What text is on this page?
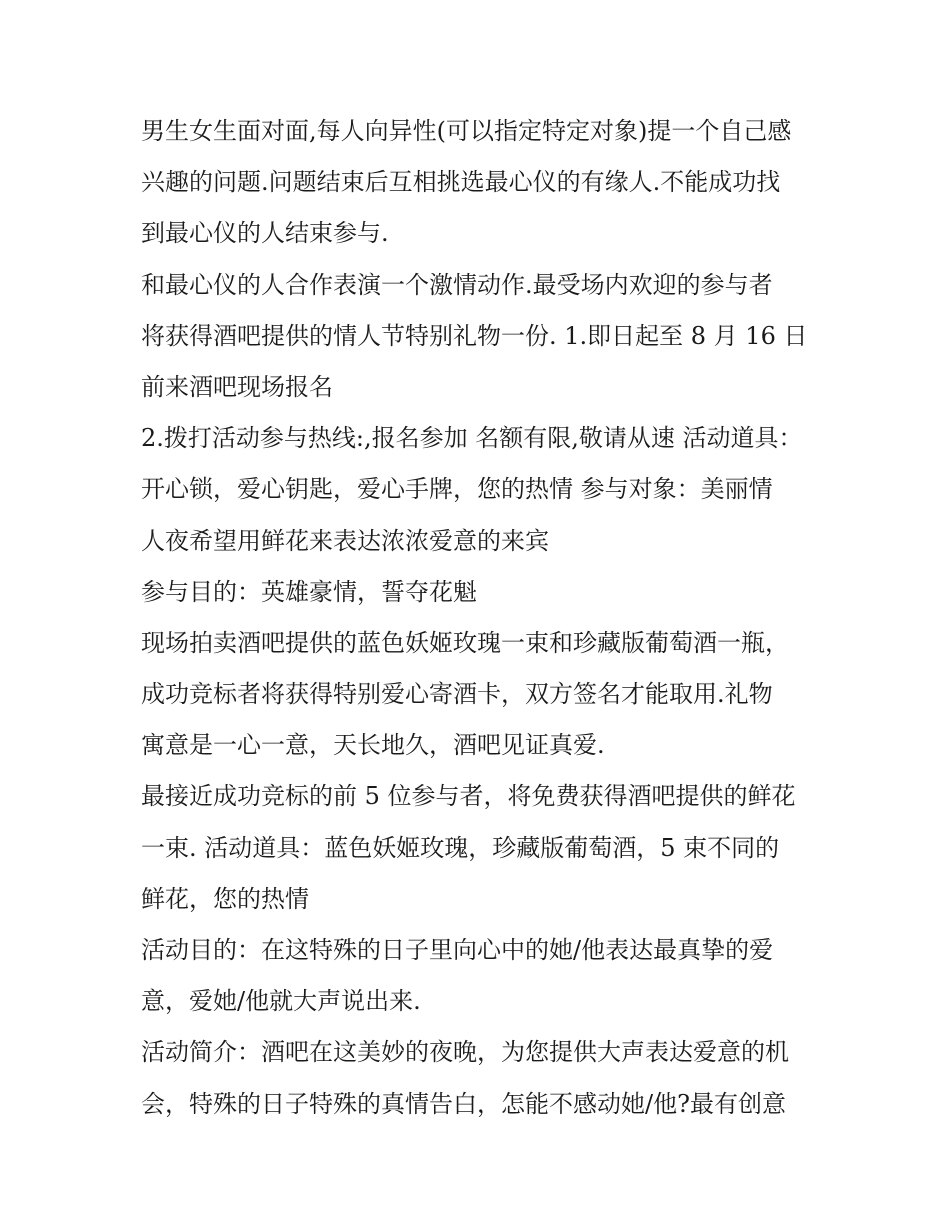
男生女生面对面,每人向异性(可以指定特定对象)提一个自己感
兴趣的问题.问题结束后互相挑选最心仪的有缘人.不能成功找
到最心仪的人结束参与.
和最心仪的人合作表演一个激情动作.最受场内欢迎的参与者
将获得酒吧提供的情人节特别礼物一份. 1.即日起至 8 月 16 日
前来酒吧现场报名
2.拨打活动参与热线:,报名参加 名额有限,敬请从速 活动道具：
开心锁，爱心钥匙，爱心手牌，您的热情 参与对象：美丽情
人夜希望用鲜花来表达浓浓爱意的来宾
参与目的：英雄豪情，誓夺花魁
现场拍卖酒吧提供的蓝色妖姬玫瑰一束和珍藏版葡萄酒一瓶，
成功竞标者将获得特别爱心寄酒卡，双方签名才能取用.礼物
寓意是一心一意，天长地久，酒吧见证真爱.
最接近成功竞标的前 5 位参与者，将免费获得酒吧提供的鲜花
一束. 活动道具：蓝色妖姬玫瑰，珍藏版葡萄酒，5 束不同的
鲜花，您的热情
活动目的：在这特殊的日子里向心中的她/他表达最真挚的爱
意，爱她/他就大声说出来.
活动简介：酒吧在这美妙的夜晚，为您提供大声表达爱意的机
会，特殊的日子特殊的真情告白，怎能不感动她/他?最有创意
